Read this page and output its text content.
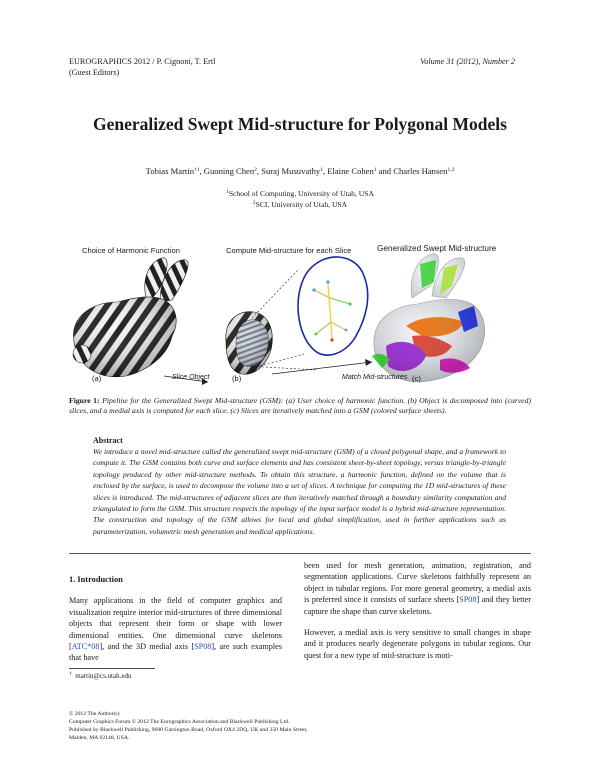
EUROGRAPHICS 2012 / P. Cignoni, T. Ertl
(Guest Editors)
Volume 31 (2012), Number 2
Generalized Swept Mid-structure for Polygonal Models
Tobias Martin$^{\dagger 1}$, Guoning Chen$^2$, Suraj Musuvathy$^1$, Elaine Cohen$^1$ and Charles Hansen$^{1,2}$
$^1$School of Computing, University of Utah, USA
$^2$SCI, University of Utah, USA
Choice of Harmonic Function	Compute Mid-structure for each Slice	Generalized Swept Mid-structure
(a)	Slice Object	(b)	Match Mid-structures (c)
Figure 1: Pipeline for the Generalized Swept Mid-structure (GSM): (a) User choice of harmonic function. (b) Object is decomposed into (curved) slices, and a medial axis is computed for each slice. (c) Slices are iteratively matched into a GSM (colored surface sheets).
Abstract
We introduce a novel mid-structure called the generalized swept mid-structure (GSM) of a closed polygonal shape, and a framework to compute it. The GSM contains both curve and surface elements and has consistent sheet-by-sheet topology, versus triangle-by-triangle topology produced by other mid-structure methods. To obtain this structure, a harmonic function, defined on the volume that is enclosed by the surface, is used to decompose the volume into a set of slices. A technique for computing the 1D mid-structures of these slices is introduced. The mid-structures of adjacent slices are then iteratively matched through a boundary similarity computation and triangulated to form the GSM. This structure respects the topology of the input surface model is a hybrid mid-structure representation. The construction and topology of the GSM allows for local and global simplification, used in further applications such as parameterization, volumetric mesh generation and medical applications.
1. Introduction

Many applications in the field of computer graphics and visualization require interior mid-structures of three dimensional objects that represent their form or shape with lower dimensional entities. One dimensional curve skeletons [ATC*08], and the 3D medial axis [SP08], are such examples that have

been used for mesh generation, animation, registration, and segmentation applications. Curve skeletons faithfully represent an object in tubular regions. For more general geometry, a medial axis is preferred since it consists of surface sheets [SP08] and they better capture the shape than curve skeletons.

However, a medial axis is very sensitive to small changes in shape and it produces nearly degenerate polygons in tubular regions. Our quest for a new type of mid-structure is moti-

† martin@cs.utah.edu
© 2012 The Author(s)
Computer Graphics Forum © 2012 The Eurographics Association and Blackwell Publishing Ltd. Published by Blackwell Publishing, 9600 Garsington Road, Oxford OX4 2DQ, UK and 350 Main Street, Malden, MA 02148, USA.
